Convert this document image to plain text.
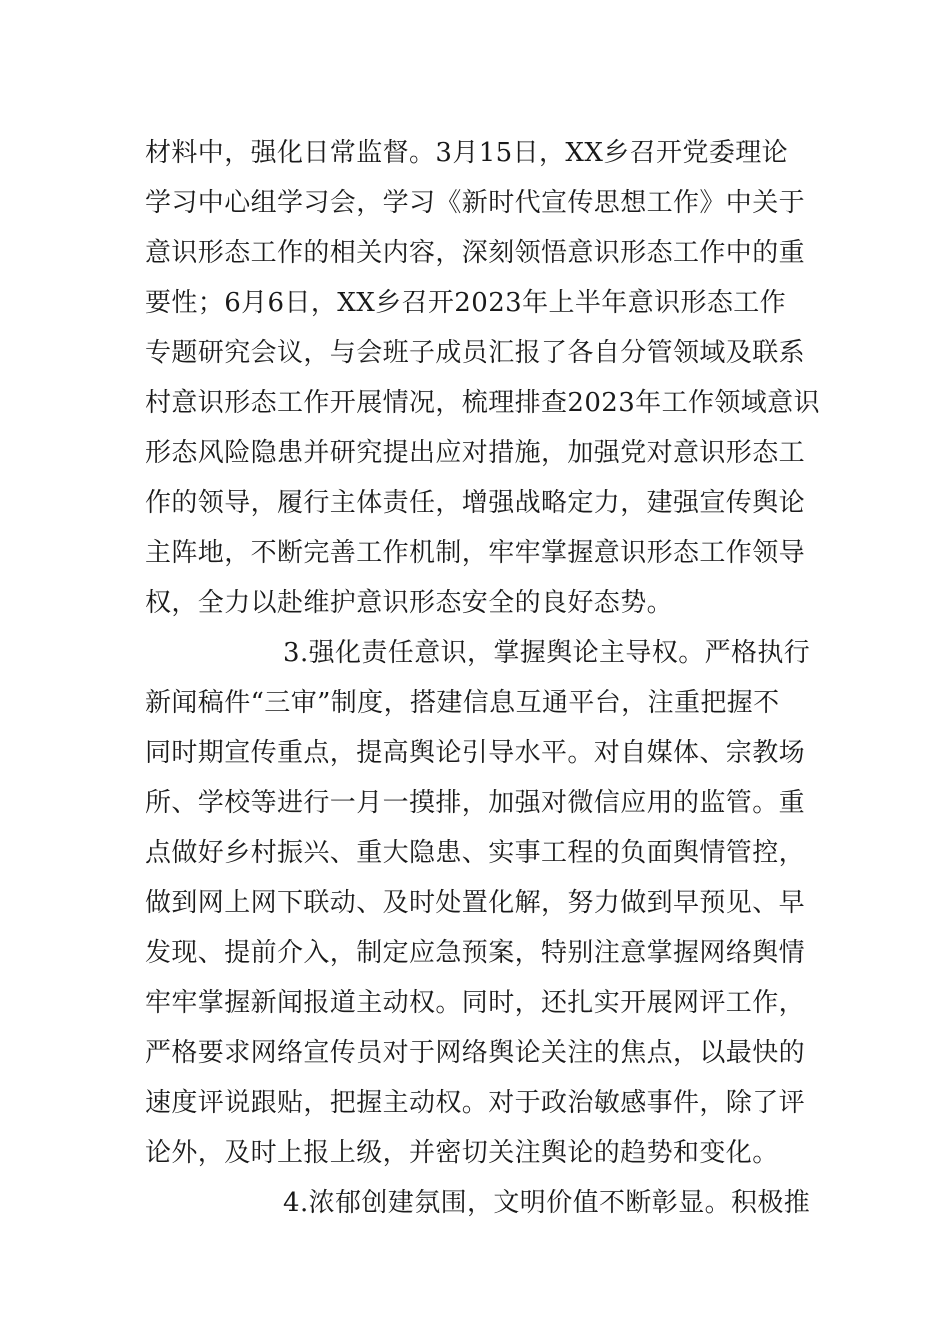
材料中，强化日常监督。3月15日，XX乡召开党委理论
学习中心组学习会，学习《新时代宣传思想工作》中关于
意识形态工作的相关内容，深刻领悟意识形态工作中的重
要性；6月6日，XX乡召开2023年上半年意识形态工作
专题研究会议，与会班子成员汇报了各自分管领域及联系
村意识形态工作开展情况，梳理排查2023年工作领域意识
形态风险隐患并研究提出应对措施，加强党对意识形态工
作的领导，履行主体责任，增强战略定力，建强宣传舆论
主阵地，不断完善工作机制，牢牢掌握意识形态工作领导
权，全力以赴维护意识形态安全的良好态势。
3.强化责任意识，掌握舆论主导权。严格执行
新闻稿件“三审”制度，搭建信息互通平台，注重把握不
同时期宣传重点，提高舆论引导水平。对自媒体、宗教场
所、学校等进行一月一摸排，加强对微信应用的监管。重
点做好乡村振兴、重大隐患、实事工程的负面舆情管控，
做到网上网下联动、及时处置化解，努力做到早预见、早
发现、提前介入，制定应急预案，特别注意掌握网络舆情
牢牢掌握新闻报道主动权。同时，还扎实开展网评工作，
严格要求网络宣传员对于网络舆论关注的焦点，以最快的
速度评说跟贴，把握主动权。对于政治敏感事件，除了评
论外，及时上报上级，并密切关注舆论的趋势和变化。
4.浓郁创建氛围，文明价值不断彰显。积极推
